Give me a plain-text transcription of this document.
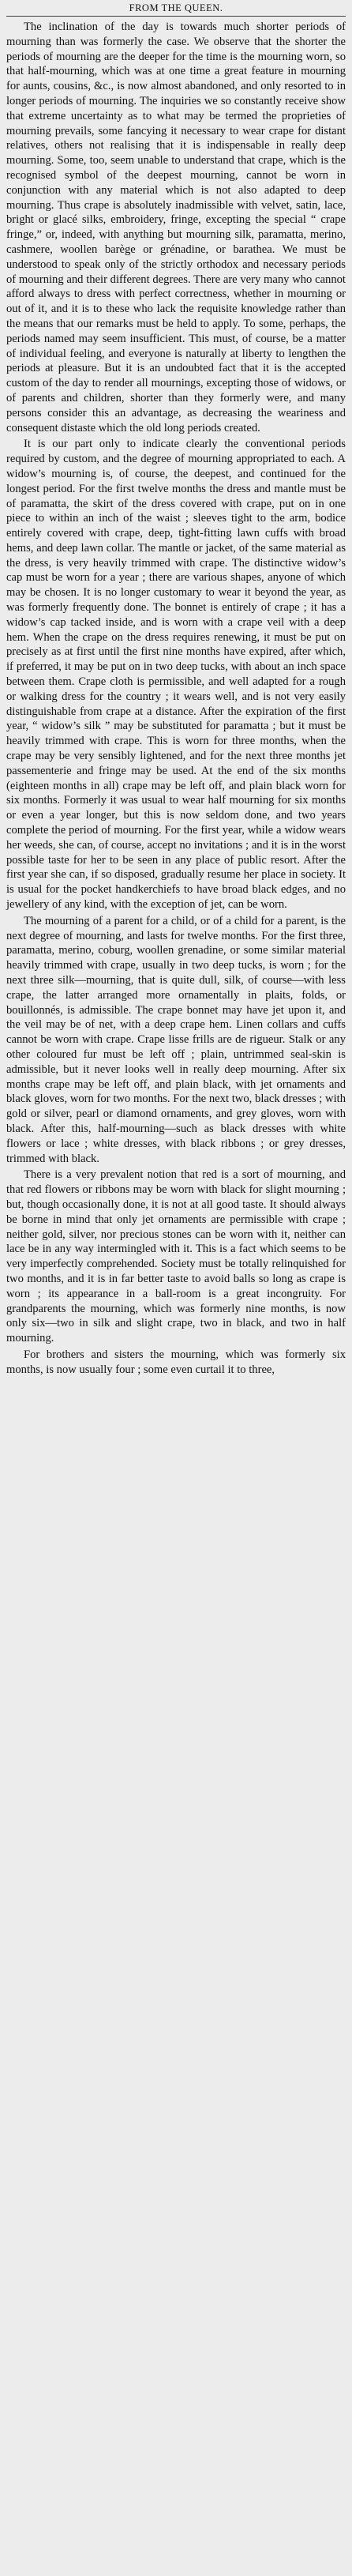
FROM THE QUEEN.

The inclination of the day is towards much shorter periods of mourning than was formerly the case. We observe that the shorter the periods of mourning are the deeper for the time is the mourning worn, so that half-mourning, which was at one time a great feature in mourning for aunts, cousins, &c., is now almost abandoned, and only resorted to in longer periods of mourning. The inquiries we so constantly receive show that extreme uncertainty as to what may be termed the proprieties of mourning prevails, some fancying it necessary to wear crape for distant relatives, others not realising that it is indispensable in really deep mourning. Some, too, seem unable to understand that crape, which is the recognised symbol of the deepest mourning, cannot be worn in conjunction with any material which is not also adapted to deep mourning. Thus crape is absolutely inadmissible with velvet, satin, lace, bright or glacé silks, embroidery, fringe, excepting the special “ crape fringe,” or, indeed, with anything but mourning silk, paramatta, merino, cashmere, woollen barège or grénadine, or barathea. We must be understood to speak only of the strictly orthodox and necessary periods of mourning and their different degrees. There are very many who cannot afford always to dress with perfect correctness, whether in mourning or out of it, and it is to these who lack the requisite knowledge rather than the means that our remarks must be held to apply. To some, perhaps, the periods named may seem insufficient. This must, of course, be a matter of individual feeling, and everyone is naturally at liberty to lengthen the periods at pleasure. But it is an undoubted fact that it is the accepted custom of the day to render all mournings, excepting those of widows, or of parents and children, shorter than they formerly were, and many persons consider this an advantage, as decreasing the weariness and consequent distaste which the old long periods created.

It is our part only to indicate clearly the conventional periods required by custom, and the degree of mourning appropriated to each. A widow’s mourning is, of course, the deepest, and continued for the longest period. For the first twelve months the dress and mantle must be of paramatta, the skirt of the dress covered with crape, put on in one piece to within an inch of the waist ; sleeves tight to the arm, bodice entirely covered with crape, deep, tight-fitting lawn cuffs with broad hems, and deep lawn collar. The mantle or jacket, of the same material as the dress, is very heavily trimmed with crape. The distinctive widow’s cap must be worn for a year ; there are various shapes, anyone of which may be chosen. It is no longer customary to wear it beyond the year, as was formerly frequently done. The bonnet is entirely of crape ; it has a widow’s cap tacked inside, and is worn with a crape veil with a deep hem. When the crape on the dress requires renewing, it must be put on precisely as at first until the first nine months have expired, after which, if preferred, it may be put on in two deep tucks, with about an inch space between them. Crape cloth is permissible, and well adapted for a rough or walking dress for the country ; it wears well, and is not very easily distinguishable from crape at a distance. After the expiration of the first year, “ widow’s silk ” may be substituted for paramatta ; but it must be heavily trimmed with crape. This is worn for three months, when the crape may be very sensibly lightened, and for the next three months jet passementerie and fringe may be used. At the end of the six months (eighteen months in all) crape may be left off, and plain black worn for six months. Formerly it was usual to wear half mourning for six months or even a year longer, but this is now seldom done, and two years complete the period of mourning. For the first year, while a widow wears her weeds, she can, of course, accept no invitations ; and it is in the worst possible taste for her to be seen in any place of public resort. After the first year she can, if so disposed, gradually resume her place in society. It is usual for the pocket handkerchiefs to have broad black edges, and no jewellery of any kind, with the exception of jet, can be worn.

The mourning of a parent for a child, or of a child for a parent, is the next degree of mourning, and lasts for twelve months. For the first three, paramatta, merino, coburg, woollen grenadine, or some similar material heavily trimmed with crape, usually in two deep tucks, is worn ; for the next three silk—mourning, that is quite dull, silk, of course—with less crape, the latter arranged more ornamentally in plaits, folds, or bouillonnés, is admissible. The crape bonnet may have jet upon it, and the veil may be of net, with a deep crape hem. Linen collars and cuffs cannot be worn with crape. Crape lisse frills are de rigueur. Stalk or any other coloured fur must be left off ; plain, untrimmed seal-skin is admissible, but it never looks well in really deep mourning. After six months crape may be left off, and plain black, with jet ornaments and black gloves, worn for two months. For the next two, black dresses ; with gold or silver, pearl or diamond ornaments, and grey gloves, worn with black. After this, half-mourning—such as black dresses with white flowers or lace ; white dresses, with black ribbons ; or grey dresses, trimmed with black.

There is a very prevalent notion that red is a sort of mourning, and that red flowers or ribbons may be worn with black for slight mourning ; but, though occasionally done, it is not at all good taste. It should always be borne in mind that only jet ornaments are permissible with crape ; neither gold, silver, nor precious stones can be worn with it, neither can lace be in any way intermingled with it. This is a fact which seems to be very imperfectly comprehended. Society must be totally relinquished for two months, and it is in far better taste to avoid balls so long as crape is worn ; its appearance in a ball-room is a great incongruity. For grandparents the mourning, which was formerly nine months, is now only six—two in silk and slight crape, two in black, and two in half mourning.

For brothers and sisters the mourning, which was formerly six months, is now usually four ; some even curtail it to three,
